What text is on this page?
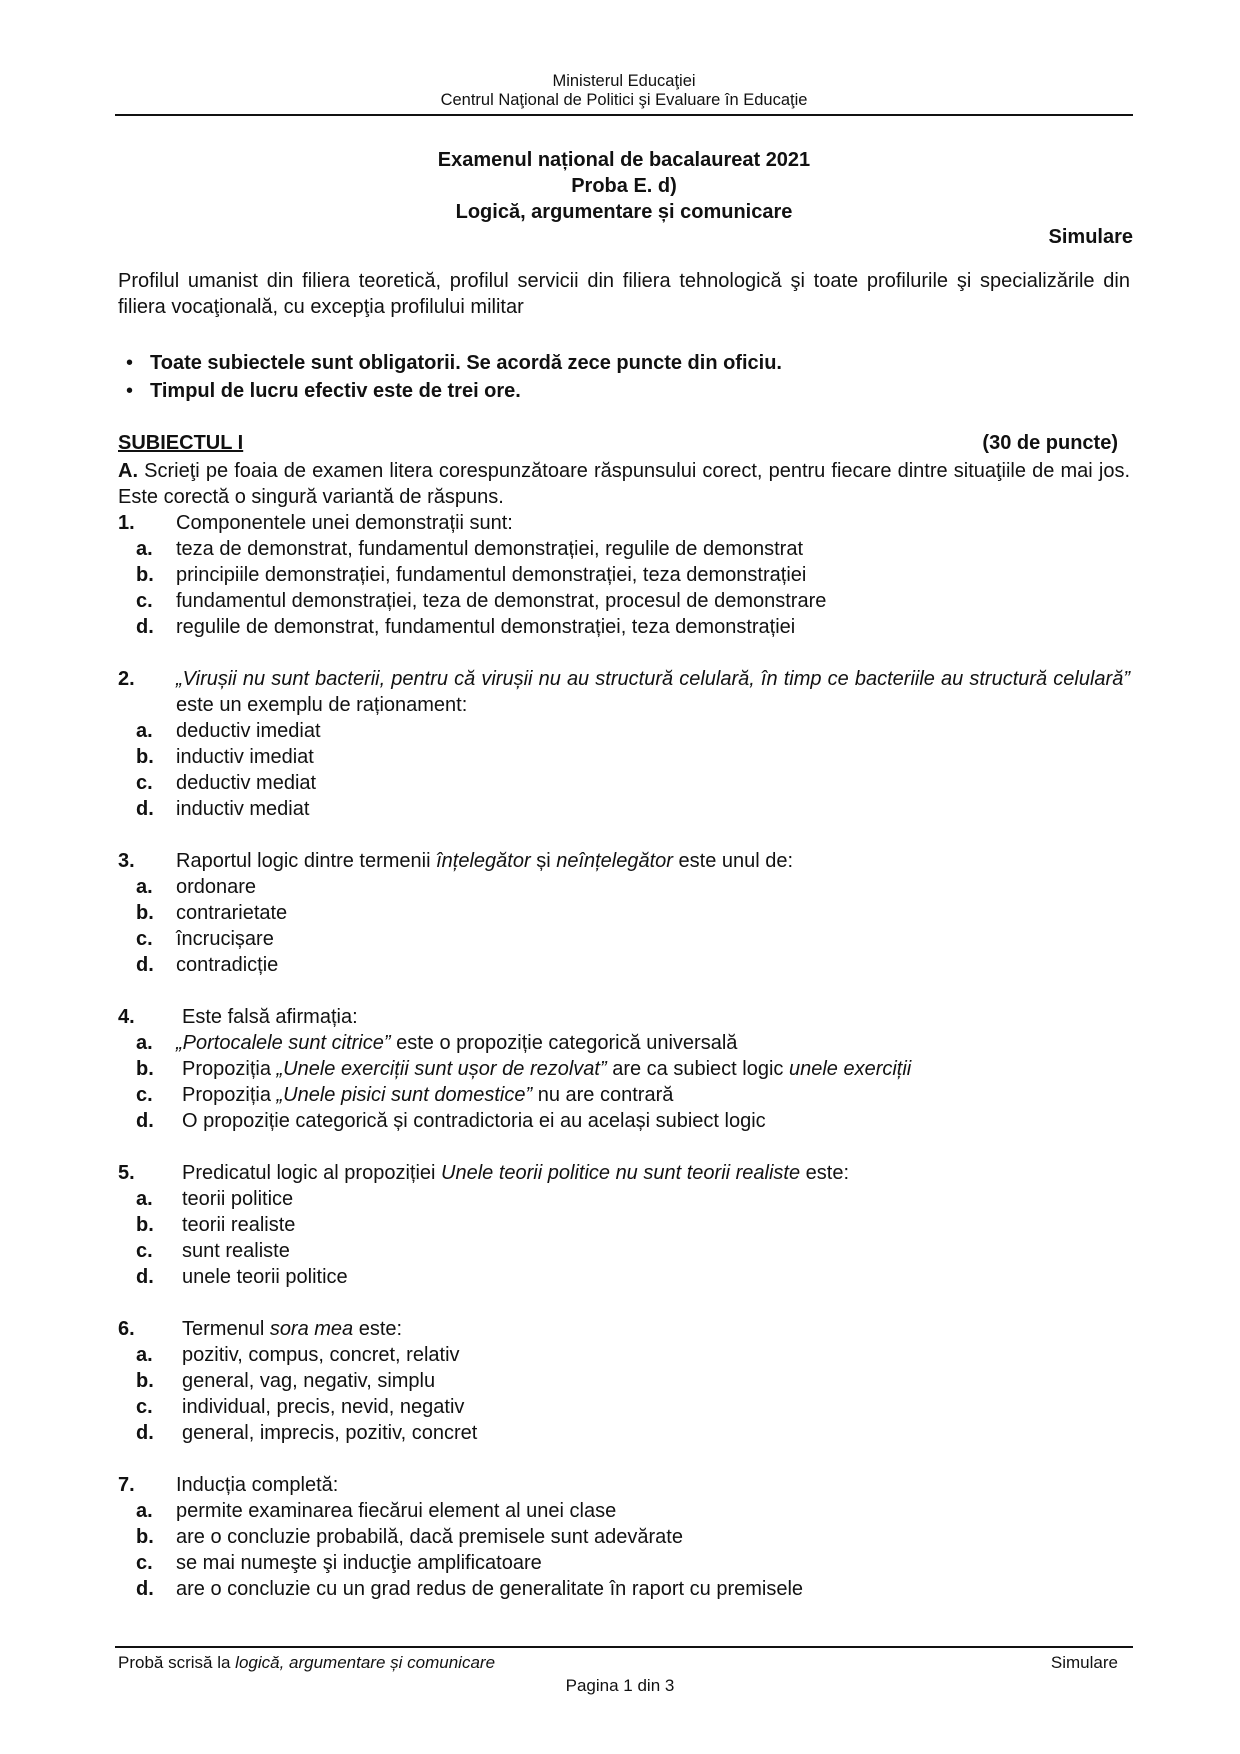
Ministerul Educaţiei
Centrul Naţional de Politici şi Evaluare în Educaţie
Examenul național de bacalaureat 2021
Proba E. d)
Logică, argumentare și comunicare
Simulare
Profilul umanist din filiera teoretică, profilul servicii din filiera tehnologică şi toate profilurile şi specializările din filiera vocaţională, cu excepţia profilului militar
• Toate subiectele sunt obligatorii. Se acordă zece puncte din oficiu.
• Timpul de lucru efectiv este de trei ore.
SUBIECTUL I	(30 de puncte)
A. Scrieţi pe foaia de examen litera corespunzătoare răspunsului corect, pentru fiecare dintre situaţiile de mai jos. Este corectă o singură variantă de răspuns.
1.	Componentele unei demonstrații sunt:
a.	teza de demonstrat, fundamentul demonstrației, regulile de demonstrat
b.	principiile demonstrației, fundamentul demonstrației, teza demonstrației
c.	fundamentul demonstrației, teza de demonstrat, procesul de demonstrare
d.	regulile de demonstrat, fundamentul demonstrației, teza demonstrației
2.	„Virușii nu sunt bacterii, pentru că virușii nu au structură celulară, în timp ce bacteriile au structură celulară” este un exemplu de raționament:
a.	deductiv imediat
b.	inductiv imediat
c.	deductiv mediat
d.	inductiv mediat
3.	Raportul logic dintre termenii înțelegător și neînțelegător este unul de:
a.	ordonare
b.	contrarietate
c.	încrucișare
d.	contradicție
4.	Este falsă afirmația:
a.	„Portocalele sunt citrice” este o propoziție categorică universală
b.	Propoziția „Unele exerciții sunt ușor de rezolvat” are ca subiect logic unele exerciții
c.	Propoziția „Unele pisici sunt domestice” nu are contrară
d.	O propoziție categorică și contradictoria ei au același subiect logic
5.	Predicatul logic al propoziției Unele teorii politice nu sunt teorii realiste este:
a.	teorii politice
b.	teorii realiste
c.	sunt realiste
d.	unele teorii politice
6.	Termenul sora mea este:
a.	pozitiv, compus, concret, relativ
b.	general, vag, negativ, simplu
c.	individual, precis, nevid, negativ
d.	general, imprecis, pozitiv, concret
7.	Inducția completă:
a.	permite examinarea fiecărui element al unei clase
b.	are o concluzie probabilă, dacă premisele sunt adevărate
c.	se mai numeşte şi inducţie amplificatoare
d.	are o concluzie cu un grad redus de generalitate în raport cu premisele
Probă scrisă la logică, argumentare și comunicare	Simulare
Pagina 1 din 3
